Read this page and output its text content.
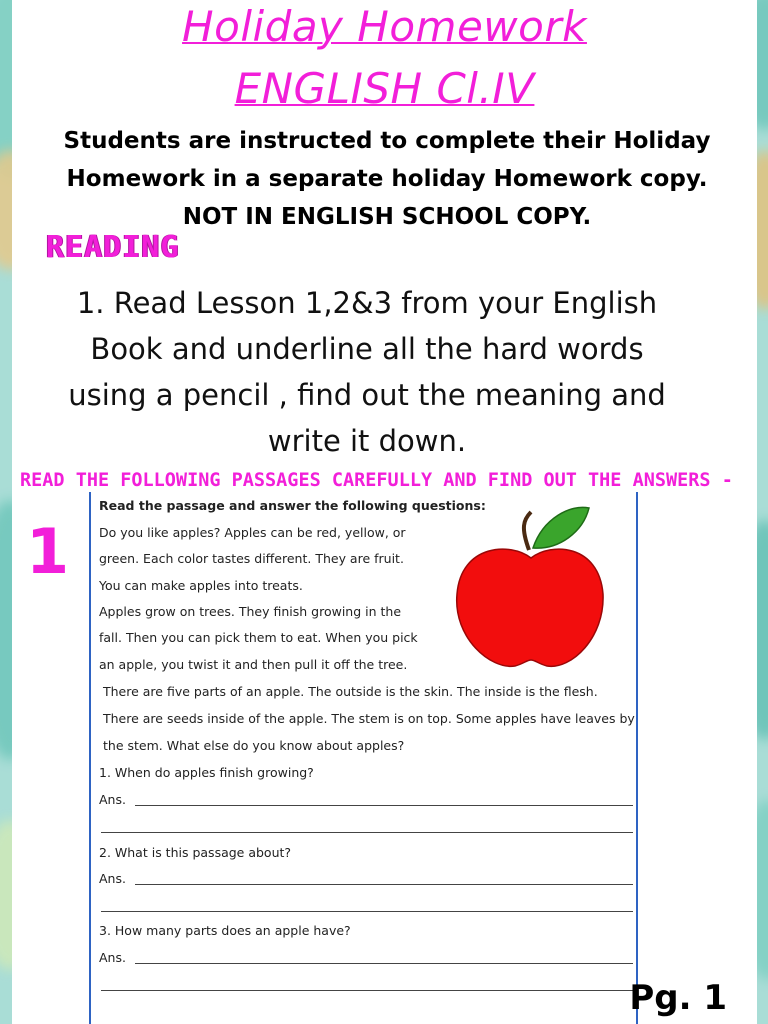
Holiday Homework
ENGLISH Cl.IV
Students are instructed to complete their Holiday
Homework in a separate holiday Homework copy.
NOT IN ENGLISH SCHOOL COPY.
READING
1. Read Lesson 1,2&3 from your English
Book and underline all the hard words
using a pencil , find out the meaning and
write it down.
READ THE FOLLOWING PASSAGES CAREFULLY AND FIND OUT THE ANSWERS -
1
Read the passage and answer the following questions:
Do you like apples? Apples can be red, yellow, or
green. Each color tastes different. They are fruit.
You can make apples into treats.
Apples grow on trees. They finish growing in the
fall. Then you can pick them to eat. When you pick
an apple, you twist it and then pull it off the tree.
There are five parts of an apple. The outside is the skin. The inside is the flesh.
There are seeds inside of the apple. The stem is on top. Some apples have leaves by
the stem. What else do you know about apples?
1. When do apples finish growing?
Ans.
2. What is this passage about?
Ans.
3. How many parts does an apple have?
Ans.
Pg. 1
